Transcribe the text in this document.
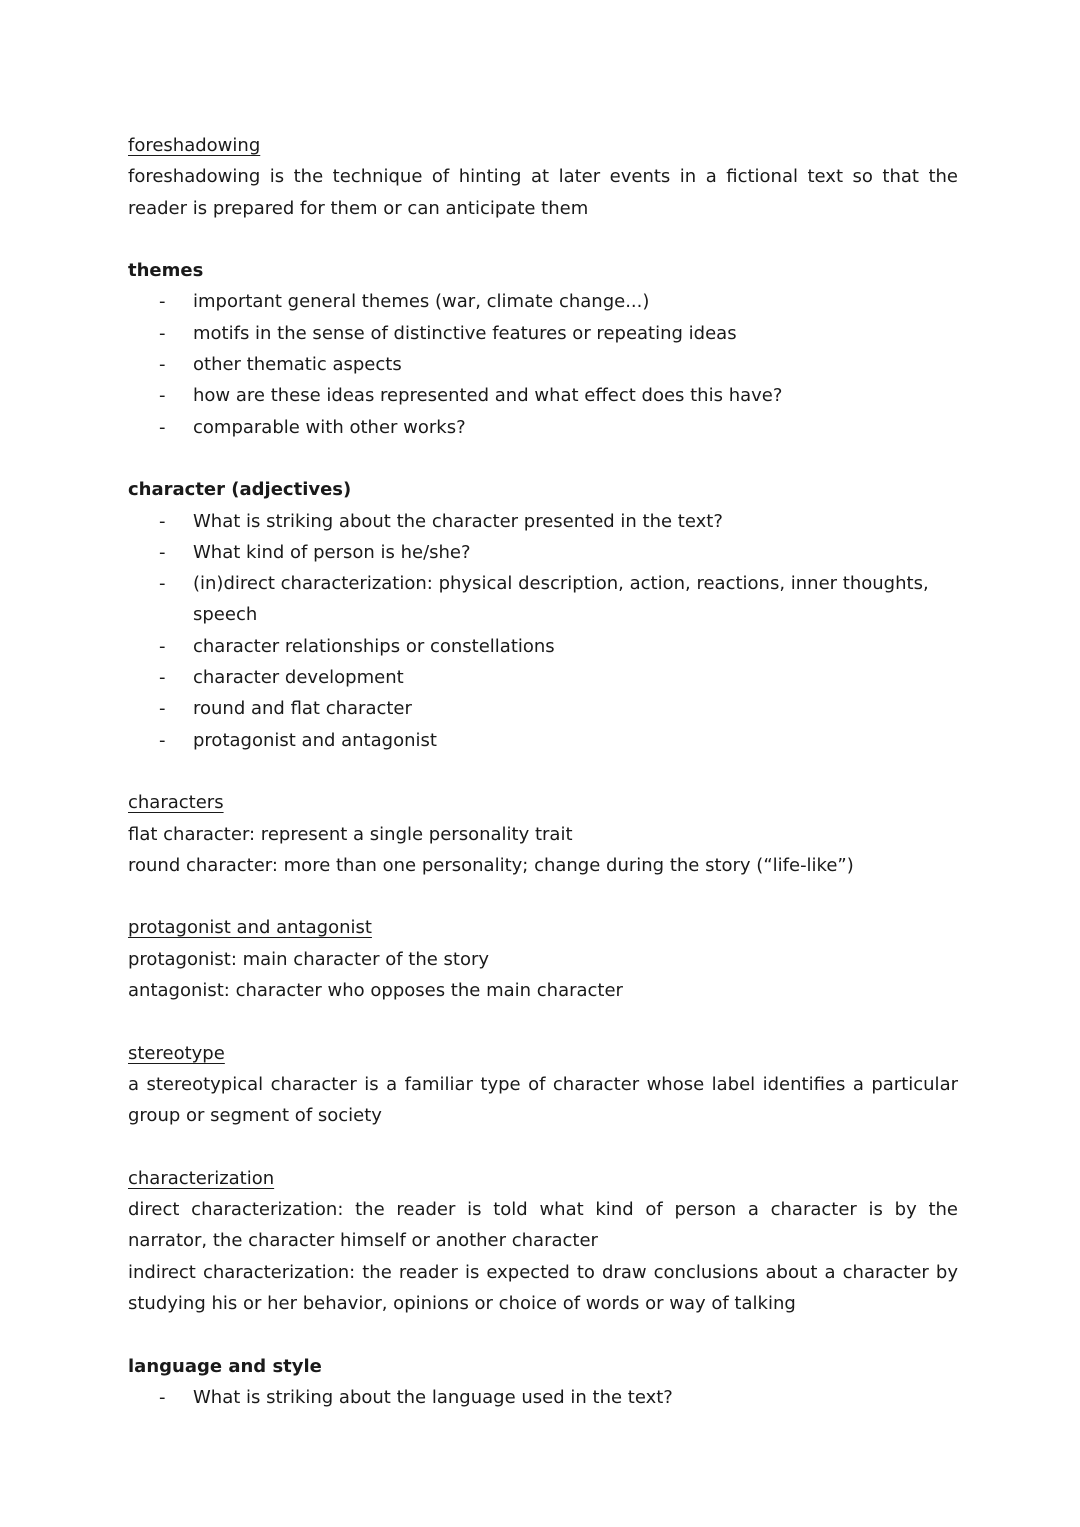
foreshadowing

foreshadowing is the technique of hinting at later events in a fictional text so that the reader is prepared for them or can anticipate them

themes

- important general themes (war, climate change...)
- motifs in the sense of distinctive features or repeating ideas
- other thematic aspects
- how are these ideas represented and what effect does this have?
- comparable with other works?

character (adjectives)

- What is striking about the character presented in the text?
- What kind of person is he/she?
- (in)direct characterization: physical description, action, reactions, inner thoughts, speech
- character relationships or constellations
- character development
- round and flat character
- protagonist and antagonist

characters

flat character: represent a single personality trait
round character: more than one personality; change during the story (“life-like”)

protagonist and antagonist

protagonist: main character of the story
antagonist: character who opposes the main character

stereotype

a stereotypical character is a familiar type of character whose label identifies a particular group or segment of society

characterization

direct characterization: the reader is told what kind of person a character is by the narrator, the character himself or another character

indirect characterization: the reader is expected to draw conclusions about a character by studying his or her behavior, opinions or choice of words or way of talking

language and style

- What is striking about the language used in the text?
